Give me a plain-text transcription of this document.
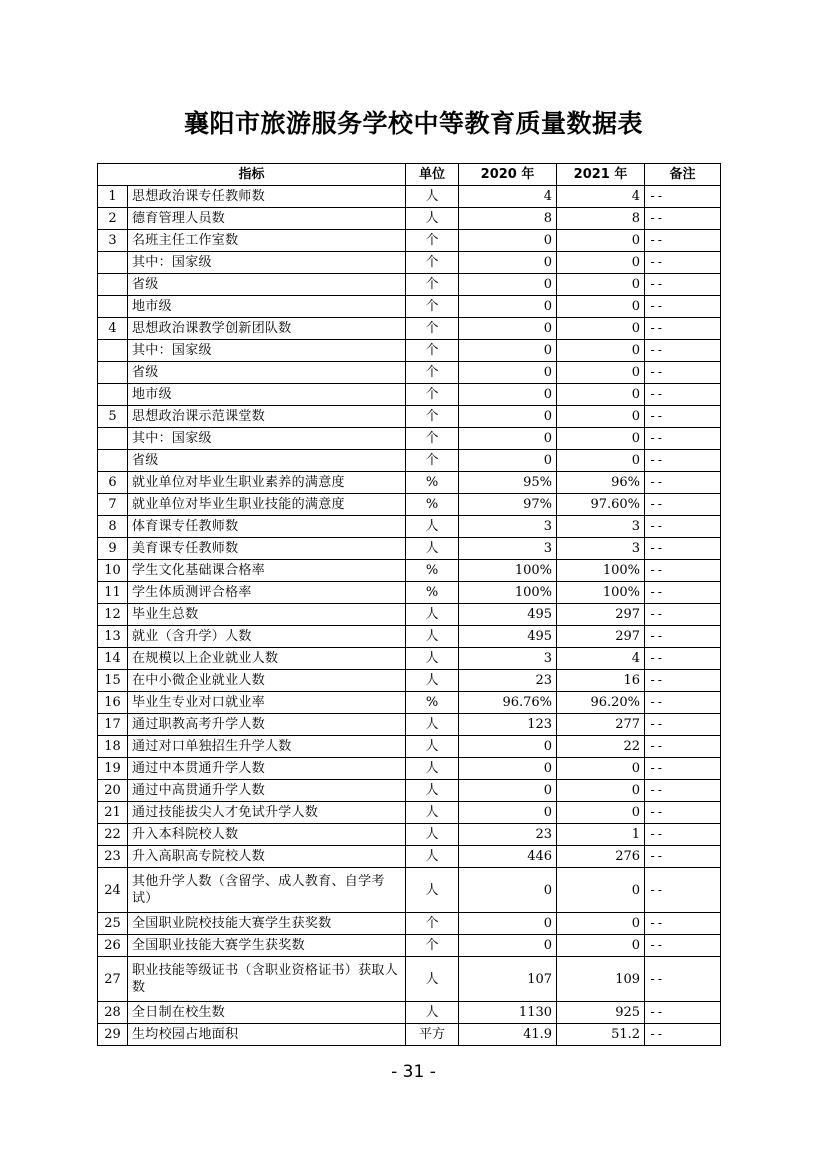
襄阳市旅游服务学校中等教育质量数据表
指标		单位	2020 年	2021 年	备注
1	思想政治课专任教师数	人	4	4	--
2	德育管理人员数	人	8	8	--
3	名班主任工作室数	个	0	0	--
	其中：国家级	个	0	0	--
	省级	个	0	0	--
	地市级	个	0	0	--
4	思想政治课教学创新团队数	个	0	0	--
	其中：国家级	个	0	0	--
	省级	个	0	0	--
	地市级	个	0	0	--
5	思想政治课示范课堂数	个	0	0	--
	其中：国家级	个	0	0	--
	省级	个	0	0	--
6	就业单位对毕业生职业素养的满意度	%	95%	96%	--
7	就业单位对毕业生职业技能的满意度	%	97%	97.60%	--
8	体育课专任教师数	人	3	3	--
9	美育课专任教师数	人	3	3	--
10	学生文化基础课合格率	%	100%	100%	--
11	学生体质测评合格率	%	100%	100%	--
12	毕业生总数	人	495	297	--
13	就业（含升学）人数	人	495	297	--
14	在规模以上企业就业人数	人	3	4	--
15	在中小微企业就业人数	人	23	16	--
16	毕业生专业对口就业率	%	96.76%	96.20%	--
17	通过职教高考升学人数	人	123	277	--
18	通过对口单独招生升学人数	人	0	22	--
19	通过中本贯通升学人数	人	0	0	--
20	通过中高贯通升学人数	人	0	0	--
21	通过技能拔尖人才免试升学人数	人	0	0	--
22	升入本科院校人数	人	23	1	--
23	升入高职高专院校人数	人	446	276	--
24	其他升学人数（含留学、成人教育、自学考试）	人	0	0	--
25	全国职业院校技能大赛学生获奖数	个	0	0	--
26	全国职业技能大赛学生获奖数	个	0	0	--
27	职业技能等级证书（含职业资格证书）获取人数	人	107	109	--
28	全日制在校生数	人	1130	925	--
29	生均校园占地面积	平方	41.9	51.2	--
- 31 -
